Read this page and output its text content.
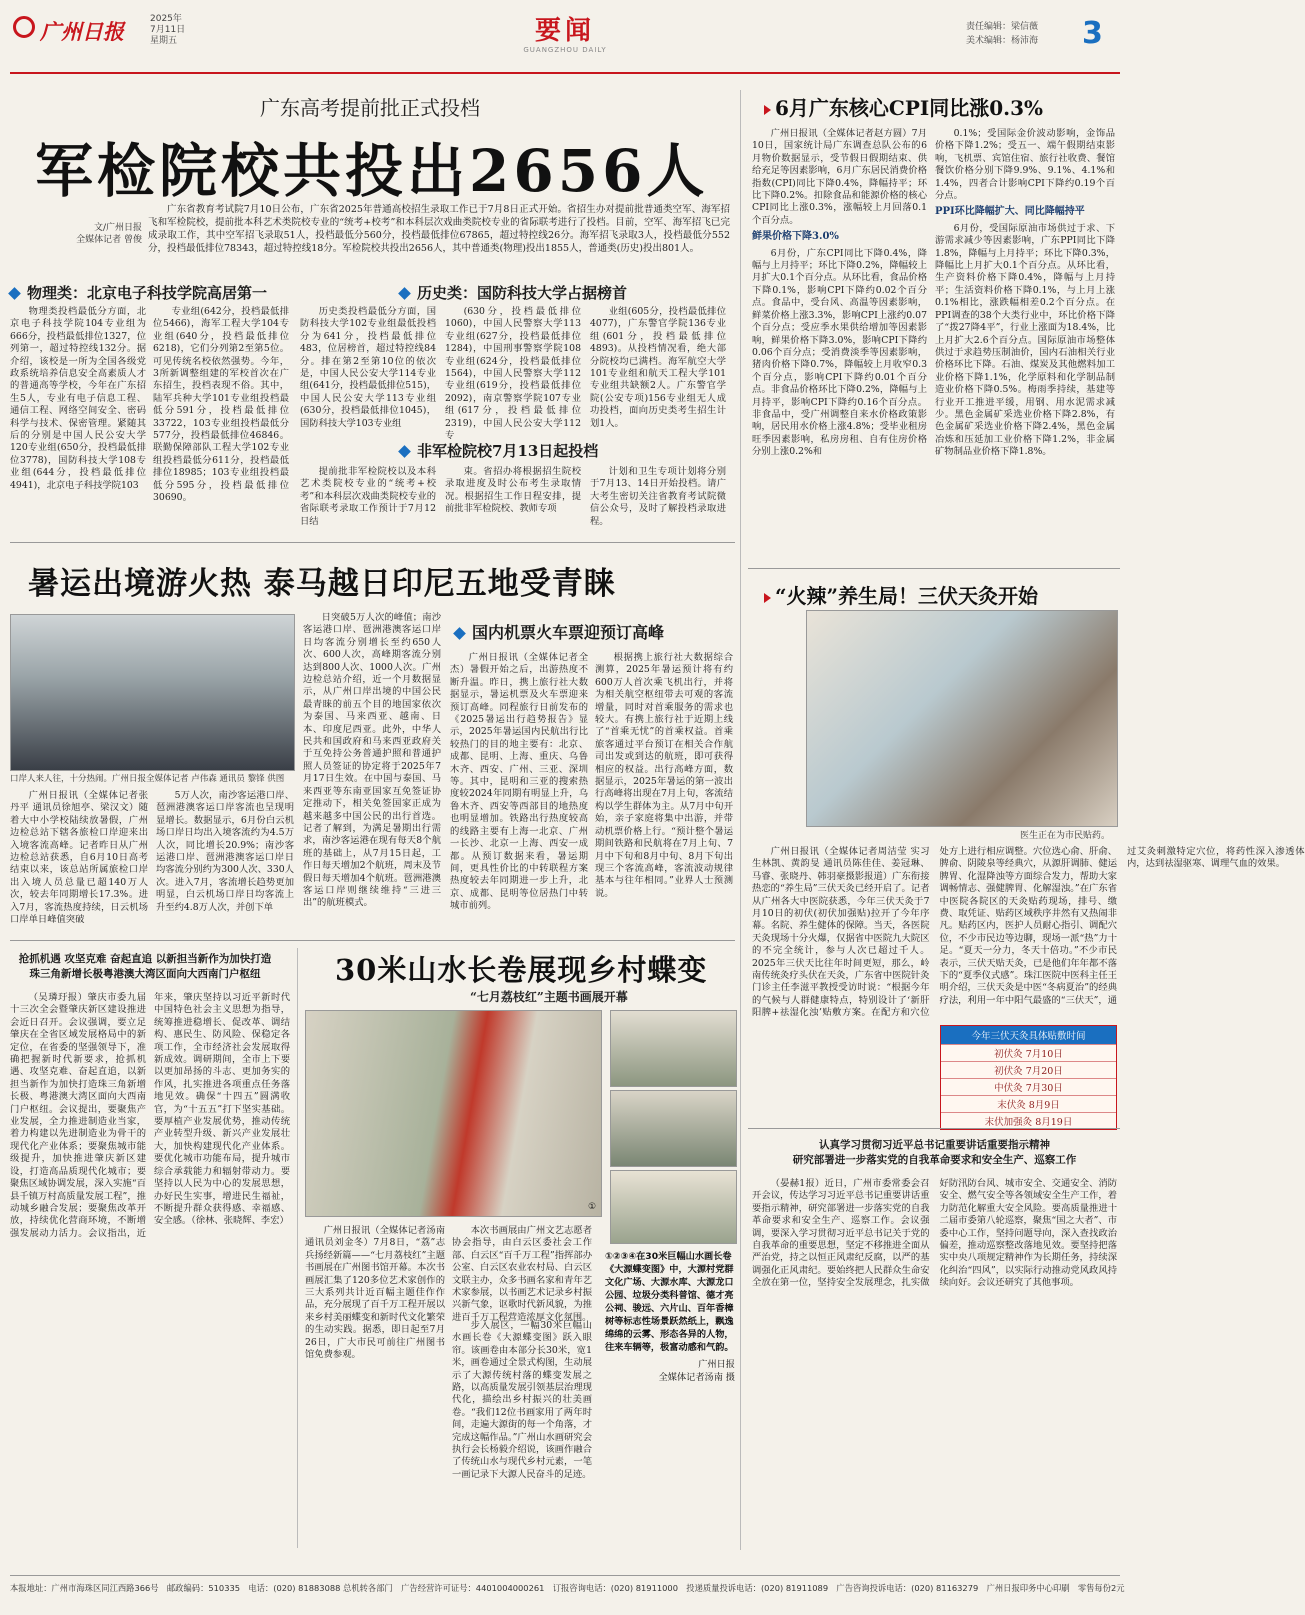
广州日报	2025年
7月11日
星期五	要闻
GUANGZHOU DAILY
责任编辑：梁信薇
美术编辑：杨沛海 3
广东高考提前批正式投档
军检院校共投出2656人
文/广州日报
全媒体记者 曾俊

广东省教育考试院7月10日公布，广东省2025年普通高校招生录取工作已于7月8日正式开始。省招生办对提前批普通类空军、海军招飞和军检院校，提前批本科艺术类院校专业的“统考+校考”和本科层次戏曲类院校专业的省际联考进行了投档。目前，空军、海军招飞已完成录取工作，其中空军招飞录取51人，投档最低分560分，投档最低排位67865，超过特控线26分。海军招飞录取3人，投档最低分552分，投档最低排位78343，超过特控线18分。军检院校共投出2656人，其中普通类(物理)投出1855人，普通类(历史)投出801人。

物理类：北京电子科技学院高居第一	历史类：国防科技大学占据榜首

物理类投档最低分方面，北京电子科技学院104专业组为666分，投档最低排位1327，位列第一，超过特控线132分。据介绍，该校是一所为全国各级党政系统培养信息安全高素质人才的普通高等学校，今年在广东招生5人，专业有电子信息工程、通信工程、网络空间安全、密码科学与技术、保密管理。紧随其后的分别是中国人民公安大学120专业组(650分，投档最低排位3778)，国防科技大学108专业组(644分，投档最低排位4941)，北京电子科技学院103

专业组(642分，投档最低排位5466)，海军工程大学104专业组(640分，投档最低排位6218)，它们分列第2至第5位。可见传统名校依然强势。今年，3所新调整组建的军校首次在广东招生，投档表现不俗。其中，陆军兵种大学101专业组投档最低分591分，投档最低排位33722，103专业组投档最低分577分，投档最低排位46846。联勤保障部队工程大学102专业组投档最低分611分，投档最低排位18985；103专业组投档最低分595分，投档最低排位30690。

历史类投档最低分方面，国防科技大学102专业组最低投档分为641分，投档最低排位483，位居榜首，超过特控线84分。排在第2至第10位的依次是，中国人民公安大学114专业组(641分，投档最低排位515)，中国人民公安大学113专业组(630分，投档最低排位1045)，国防科技大学103专业组

(630分，投档最低排位1060)，中国人民警察大学113专业组(627分，投档最低排位1284)，中国刑事警察学院108专业组(624分，投档最低排位1564)，中国人民警察大学112专业组(619分，投档最低排位2092)，南京警察学院107专业组(617分，投档最低排位2319)，中国人民公安大学112专

业组(605分，投档最低排位4077)，广东警官学院136专业组(601分，投档最低排位4893)。从投档情况看，绝大部分院校均已满档。海军航空大学101专业组和航天工程大学101专业组共缺额2人。广东警官学院(公安专项)156专业组无人成功投档，面向历史类考生招生计划1人。

非军检院校7月13日起投档

提前批非军检院校以及本科艺术类院校专业的“统考+校考”和本科层次戏曲类院校专业的省际联考录取工作预计于7月12日结

束。省招办将根据招生院校录取进度及时公布考生录取情况。根据招生工作日程安排，提前批非军检院校、教师专项

计划和卫生专项计划将分别于7月13、14日开始投档。请广大考生密切关注省教育考试院微信公众号，及时了解投档录取进程。

6月广东核心CPI同比涨0.3%

广州日报讯（全媒体记者赵方圆）7月10日，国家统计局广东调查总队公布的6月物价数据显示，受节假日假期结束、供给充足等因素影响，6月广东居民消费价格指数(CPI)同比下降0.4%，降幅持平；环比下降0.2%。扣除食品和能源价格的核心CPI同比上涨0.3%，涨幅较上月回落0.1个百分点。

鲜果价格下降3.0%

6月份，广东CPI同比下降0.4%，降幅与上月持平；环比下降0.2%，降幅较上月扩大0.1个百分点。从环比看，食品价格下降0.1%，影响CPI下降约0.02个百分点。食品中，受台风、高温等因素影响，鲜菜价格上涨3.3%，影响CPI上涨约0.07个百分点；受应季水果供给增加等因素影响，鲜果价格下降3.0%，影响CPI下降约0.06个百分点；受消费淡季等因素影响，猪肉价格下降0.7%，降幅较上月收窄0.3个百分点，影响CPI下降约0.01个百分点。非食品价格环比下降0.2%，降幅与上月持平，影响CPI下降约0.16个百分点。非食品中，受广州调整自来水价格政策影响，居民用水价格上涨4.8%；受毕业租房旺季因素影响，私房房租、自有住房价格分别上涨0.2%和

0.1%；受国际金价波动影响，金饰品价格下降1.2%；受五一、端午假期结束影响，飞机票、宾馆住宿、旅行社收费、餐馆餐饮价格分别下降9.9%、9.1%、4.1%和1.4%，四者合计影响CPI下降约0.19个百分点。

PPI环比降幅扩大、同比降幅持平

6月份，受国际原油市场供过于求、下游需求减少等因素影响，广东PPI同比下降1.8%，降幅与上月持平；环比下降0.3%，降幅比上月扩大0.1个百分点。从环比看，生产资料价格下降0.4%，降幅与上月持平；生活资料价格下降0.1%，与上月上涨0.1%相比，涨跌幅相差0.2个百分点。在PPI调查的38个大类行业中，环比价格下降了“拨27降4平”，行业上涨面为18.4%，比上月扩大2.6个百分点。国际原油市场整体供过于求趋势压制油价，国内石油相关行业价格环比下降。石油、煤炭及其他燃料加工业价格下降1.1%，化学原料和化学制品制造业价格下降0.5%。梅雨季持续，基建等行业开工推进平缓，用钢、用水泥需求减少。黑色金属矿采选业价格下降2.8%，有色金属矿采选业价格下降2.4%，黑色金属冶炼和压延加工业价格下降1.2%，非金属矿物制品业价格下降1.8%。

暑运出境游火热 泰马越日印尼五地受青睐
口岸人来人往，十分热闹。广州日报全媒体记者 卢伟森 通讯员 黎锋 供图

广州日报讯（全媒体记者张丹平 通讯员徐旭亭、梁汉文）随着大中小学校陆续放暑假，广州边检总站下辖各旅检口岸迎来出入境客流高峰。记者昨日从广州边检总站获悉，自6月10日高考结束以来，该总站所属旅检口岸出入境人员总量已超140万人次，较去年同期增长17.3%。进入7月，客流热度持续，日云机场口岸单日峰值突破

5万人次，南沙客运港口岸、琶洲港澳客运口岸客流也呈现明显增长。数据显示，6月份白云机场口岸日均出入境客流约为4.5万人次，同比增长20.9%；南沙客运港口岸、琶洲港澳客运口岸日均客流分别约为300人次、330人次。进入7月，客流增长趋势更加明显，白云机场口岸日均客流上升至约4.8万人次，并创下单

日突破5万人次的峰值；南沙客运港口岸、琶洲港澳客运口岸日均客流分别增长至约650人次、600人次，高峰期客流分别达到800人次、1000人次。广州边检总站介绍，近一个月数据显示，从广州口岸出境的中国公民最青睐的前五个目的地国家依次为泰国、马来西亚、越南、日本、印度尼西亚。此外，中华人民共和国政府和马来西亚政府关于互免持公务普通护照和普通护照人员签证的协定将于2025年7月17日生效。在中国与泰国、马来西亚等东南亚国家互免签证协定推动下，相关免签国家正成为越来越多中国公民的出行首选。记者了解到，为满足暑期出行需求，南沙客运港在现有每天8个航班的基础上，从7月15日起，工作日每天增加2个航班，周末及节假日每天增加4个航班。琶洲港澳客运口岸则继续维持“三进三出”的航班模式。

国内机票火车票迎预订高峰

广州日报讯（全媒体记者全杰）暑假开始之后，出游热度不断升温。昨日，携上旅行社大数据显示，暑运机票及火车票迎来预订高峰。同程旅行日前发布的《2025暑运出行趋势报告》显示，2025年暑运国内民航出行比较热门的目的地主要有：北京、成都、昆明、上海、重庆、乌鲁木齐、西安、广州、三亚、深圳等。其中，昆明和三亚的搜索热度较2024年同期有明显上升，乌鲁木齐、西安等西部目的地热度也明显增加。铁路出行热度较高的线路主要有上海一北京、广州一长沙、北京一上海、西安一成都。从预订数据来看，暑运期间，更具性价比的中转联程方案热度较去年同期进一步上升，北京、成都、昆明等位居热门中转城市前列。

根据携上旅行社大数据综合测算，2025年暑运预计将有约600万人首次乘飞机出行，并将为相关航空枢纽带去可观的客流增量，同时对首乘服务的需求也较大。有携上旅行社于近期上线了“首乘无忧”的首乘权益。首乘旅客通过平台预订在相关合作航司出发或到达的航班，即可获得相应的权益。出行高峰方面，数据显示，2025年暑运的第一波出行高峰将出现在7月上旬，客流结构以学生群体为主。从7月中旬开始，亲子家庭将集中出游，并带动机票价格上行。“预计整个暑运期间铁路和民航将在7月上旬、7月中下旬和8月中旬、8月下旬出现三个客流高峰，客流波动规律基本与往年相同。”业界人士预测说。

“火辣”养生局！三伏天灸开始
医生正在为市民贴药。

广州日报讯（全媒体记者周洁莹 实习生林凯、黄韵旻 通讯员陈佳佳、姜冠琳、马睿、张晓丹、韩羽豪摄影报道）广东衔接热恋的“养生局”三伏天灸已经开启了。记者从广州各大中医院获悉，今年三伏天灸于7月10日的初伏(初伏加强贴)拉开了今年序幕。名院、养生健体的保障。当天，各医院天灸现场十分火爆，仅据省中医院九大院区的不完全统计，参与人次已超过千人。2025年三伏天比往年时间更短，那么，岭南传统灸疗头伏在天灸，广东省中医院针灸门诊主任李滋平教授受访时说：“根据今年的气候与人群健康特点，特别设计了‘新肝阳脾+祛湿化浊’贴敷方案。在配方和穴位处方上进行相应调整。穴位选心俞、肝俞、脾俞、阴陵泉等经典穴，从源肝调肺、健运脾胃、化湿降浊等方面综合发力，帮助大家调畅情志、强健脾胃、化解湿浊。”在广东省中医院各院区的天灸贴药现场，排号、缴费、取凭证、贴药区域秩序井然有又热闹非凡。贴药区内，医护人员耐心指引、调配穴位，不少市民边等边聊，现场一派“热”力十足。“夏天一分力，冬天十倍功。”不少市民表示，三伏天贴天灸，已是他们年年都不落下的“夏季仪式感”。珠江医院中医科主任王明介绍，三伏天灸是中医“冬病夏治”的经典疗法，利用一年中阳气最盛的“三伏天”，通过艾灸刺激特定穴位，将药性深入渗透体内，达到祛湿驱寒、调理气血的效果。

今年三伏天灸具体贴敷时间
初伏灸 7月10日
初伏灸 7月20日
中伏灸 7月30日
末伏灸 8月9日
末伏加强灸 8月19日
抢抓机遇 攻坚克难 奋起直追 以新担当新作为加快打造
珠三角新增长极粤港澳大湾区面向大西南门户枢纽

（吴璘玗报）肇庆市委九届十三次全会暨肇庆新区建设推进会近日召开。会议强调，要立足肇庆在全省区域发展格局中的新定位，在省委的坚强领导下，准确把握新时代新要求，抢抓机遇、攻坚克难、奋起直追，以新担当新作为加快打造珠三角新增长极、粤港澳大湾区面向大西南门户枢纽。会议提出，要聚焦产业发展，全力推进制造业当家，着力构建以先进制造业为骨干的现代化产业体系；要聚焦城市能级提升，加快推进肇庆新区建设，打造高品质现代化城市；要聚焦区域协调发展，深入实施“百县千镇万村高质量发展工程”，推动城乡融合发展；要聚焦改革开放，持续优化营商环境，不断增强发展动力活力。会议指出，近年来，肇庆坚持以习近平新时代中国特色社会主义思想为指导，统筹推进稳增长、促改革、调结构、惠民生、防风险、保稳定各项工作，全市经济社会发展取得新成效。调研期间，全市上下要以更加昂扬的斗志、更加务实的作风，扎实推进各项重点任务落地见效。确保“十四五”圆满收官，为“十五五”打下坚实基础。要厚植产业发展优势，推动传统产业转型升级、新兴产业发展壮大，加快构建现代化产业体系。要优化城市功能布局，提升城市综合承载能力和辐射带动力。要坚持以人民为中心的发展思想，办好民生实事，增进民生福祉，不断提升群众获得感、幸福感、安全感。（徐林、张晓辉、李宏）

30米山水长卷展现乡村蝶变
“七月荔枝红”主题书画展开幕
①

广州日报讯（全媒体记者汤南 通讯员刘金冬）7月8日，“荔”志兵扬经新篇——“七月荔枝红”主题书画展在广州图书馆开幕。本次书画展汇集了120多位艺术家创作的三大系列共计近百幅主题佳作作品，充分展现了百千万工程开展以来乡村美丽蝶变和新时代文化繁荣的生动实践。据悉，即日起至7月26日，广大市民可前往广州图书馆免费参观。

本次书画展由广州文艺志愿者协会指导，由白云区委社会工作部、白云区“百千万工程”指挥部办公室、白云区农业农村局、白云区文联主办，众多书画名家和青年艺术家参展，以书画艺术记录乡村振兴新气象，讴歌时代新风貌，为推进百千万工程营造浓厚文化氛围。

步入展区，一幅30米巨幅山水画长卷《大源蝶变图》跃入眼帘。该画卷由本部分长30米，宽1米，画卷通过全景式构图，生动展示了大源传统村落的蝶变发展之路，以高质量发展引领基层治理现代化，描绘出乡村振兴的壮美画卷。“我们12位书画家用了两年时间，走遍大源街的每一个角落，才完成这幅作品。”广州山水画研究会执行会长杨毅介绍说，该画作融合了传统山水与现代乡村元素，一笔一画记录下大源人民奋斗的足迹。

①②③④在30米巨幅山水画长卷《大源蝶变图》中，大源村党群文化广场、大源水库、大源龙口公园、垃圾分类科普馆、德才亮公祠、骏远、六片山、百年香樟树等标志性场景跃然纸上，飘逸绵绵的云雾、形态各异的人物，往来车辆等，极富动感和气韵。
广州日报
全媒体记者汤南 摄
认真学习贯彻习近平总书记重要讲话重要指示精神
研究部署进一步落实党的自我革命要求和安全生产、巡察工作

（晏赫1报）近日，广州市委常委会召开会议，传达学习习近平总书记重要讲话重要指示精神，研究部署进一步落实党的自我革命要求和安全生产、巡察工作。会议强调，要深入学习贯彻习近平总书记关于党的自我革命的重要思想，坚定不移推进全面从严治党，持之以恒正风肃纪反腐，以严的基调强化正风肃纪。要始终把人民群众生命安全放在第一位，坚持安全发展理念，扎实做好防汛防台风、城市安全、交通安全、消防安全、燃气安全等各领域安全生产工作，着力防范化解重大安全风险。要高质量推进十二届市委第八轮巡察，聚焦“国之大者”、市委中心工作，坚持问题导向，深入查找政治偏差，推动巡察整改落地见效。要坚持把落实中央八项规定精神作为长期任务，持续深化纠治“四风”，以实际行动推动党风政风持续向好。会议还研究了其他事项。

本报地址：广州市海珠区同江西路366号　邮政编码：510335　电话：(020) 81883088 总机转各部门　广告经营许可证号：4401004000261　订报咨询电话：(020) 81911000　投递质量投诉电话：(020) 81911089　广告咨询投诉电话：(020) 81163279　广州日报印务中心印刷　零售每份2元
